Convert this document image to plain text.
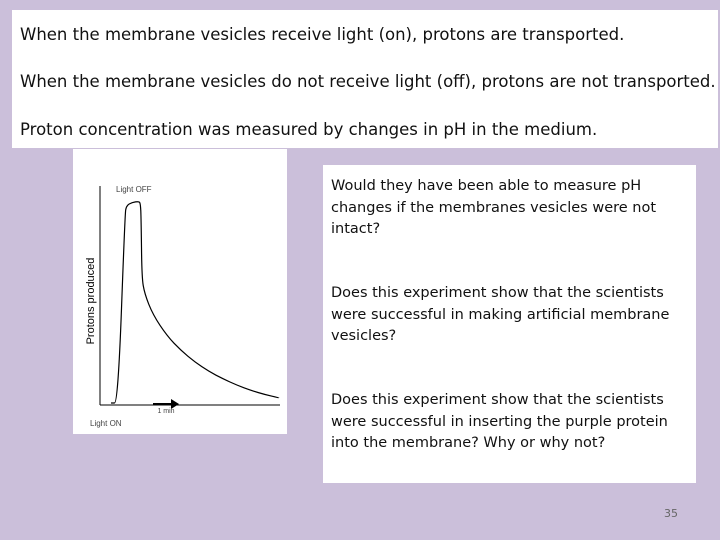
When the membrane vesicles receive light (on), protons are transported.
When the membrane vesicles do not receive light (off), protons are not transported.
Proton concentration was measured by changes in pH in the medium.
Protons produced
Light OFF
Light ON
1 min
Would they have been able to measure pH changes if the membranes vesicles were not intact?
Does this experiment show that the scientists were successful in making artificial membrane vesicles?
Does this experiment show that the scientists were successful in inserting the purple protein into the membrane? Why or why not?
35
